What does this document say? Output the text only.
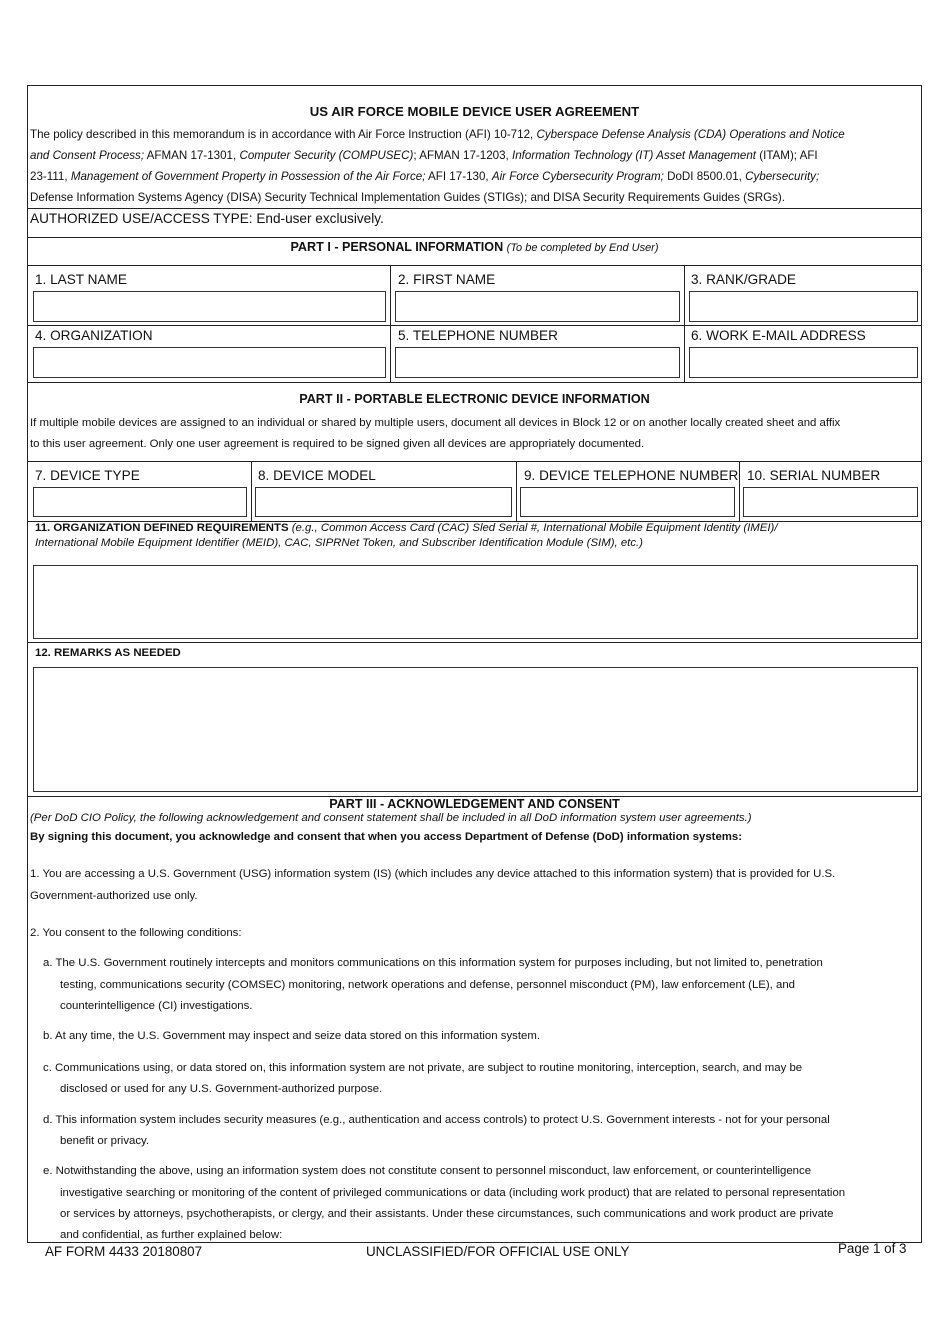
US AIR FORCE MOBILE DEVICE USER AGREEMENT
The policy described in this memorandum is in accordance with Air Force Instruction (AFI) 10-712, Cyberspace Defense Analysis (CDA) Operations and Notice
and Consent Process; AFMAN 17-1301, Computer Security (COMPUSEC); AFMAN 17-1203, Information Technology (IT) Asset Management (ITAM); AFI
23-111, Management of Government Property in Possession of the Air Force; AFI 17-130, Air Force Cybersecurity Program; DoDI 8500.01, Cybersecurity;
Defense Information Systems Agency (DISA) Security Technical Implementation Guides (STIGs); and DISA Security Requirements Guides (SRGs).
AUTHORIZED USE/ACCESS TYPE: End-user exclusively.
PART I - PERSONAL INFORMATION (To be completed by End User)
1. LAST NAME	2. FIRST NAME	3. RANK/GRADE
4. ORGANIZATION	5. TELEPHONE NUMBER	6. WORK E-MAIL ADDRESS
PART II - PORTABLE ELECTRONIC DEVICE INFORMATION
If multiple mobile devices are assigned to an individual or shared by multiple users, document all devices in Block 12 or on another locally created sheet and affix
to this user agreement. Only one user agreement is required to be signed given all devices are appropriately documented.
7. DEVICE TYPE	8. DEVICE MODEL	9. DEVICE TELEPHONE NUMBER 10. SERIAL NUMBER
11. ORGANIZATION DEFINED REQUIREMENTS (e.g., Common Access Card (CAC) Sled Serial #, International Mobile Equipment Identity (IMEI)/
International Mobile Equipment Identifier (MEID), CAC, SIPRNet Token, and Subscriber Identification Module (SIM), etc.)
12. REMARKS AS NEEDED
PART III - ACKNOWLEDGEMENT AND CONSENT
(Per DoD CIO Policy, the following acknowledgement and consent statement shall be included in all DoD information system user agreements.)
By signing this document, you acknowledge and consent that when you access Department of Defense (DoD) information systems:
1. You are accessing a U.S. Government (USG) information system (IS) (which includes any device attached to this information system) that is provided for U.S.
Government-authorized use only.
2. You consent to the following conditions:
a. The U.S. Government routinely intercepts and monitors communications on this information system for purposes including, but not limited to, penetration
testing, communications security (COMSEC) monitoring, network operations and defense, personnel misconduct (PM), law enforcement (LE), and
counterintelligence (CI) investigations.
b. At any time, the U.S. Government may inspect and seize data stored on this information system.
c. Communications using, or data stored on, this information system are not private, are subject to routine monitoring, interception, search, and may be
disclosed or used for any U.S. Government-authorized purpose.
d. This information system includes security measures (e.g., authentication and access controls) to protect U.S. Government interests - not for your personal
benefit or privacy.
e. Notwithstanding the above, using an information system does not constitute consent to personnel misconduct, law enforcement, or counterintelligence
investigative searching or monitoring of the content of privileged communications or data (including work product) that are related to personal representation
or services by attorneys, psychotherapists, or clergy, and their assistants. Under these circumstances, such communications and work product are private
and confidential, as further explained below:
AF FORM 4433 20180807	UNCLASSIFIED/FOR OFFICIAL USE ONLY	Page 1 of 3
